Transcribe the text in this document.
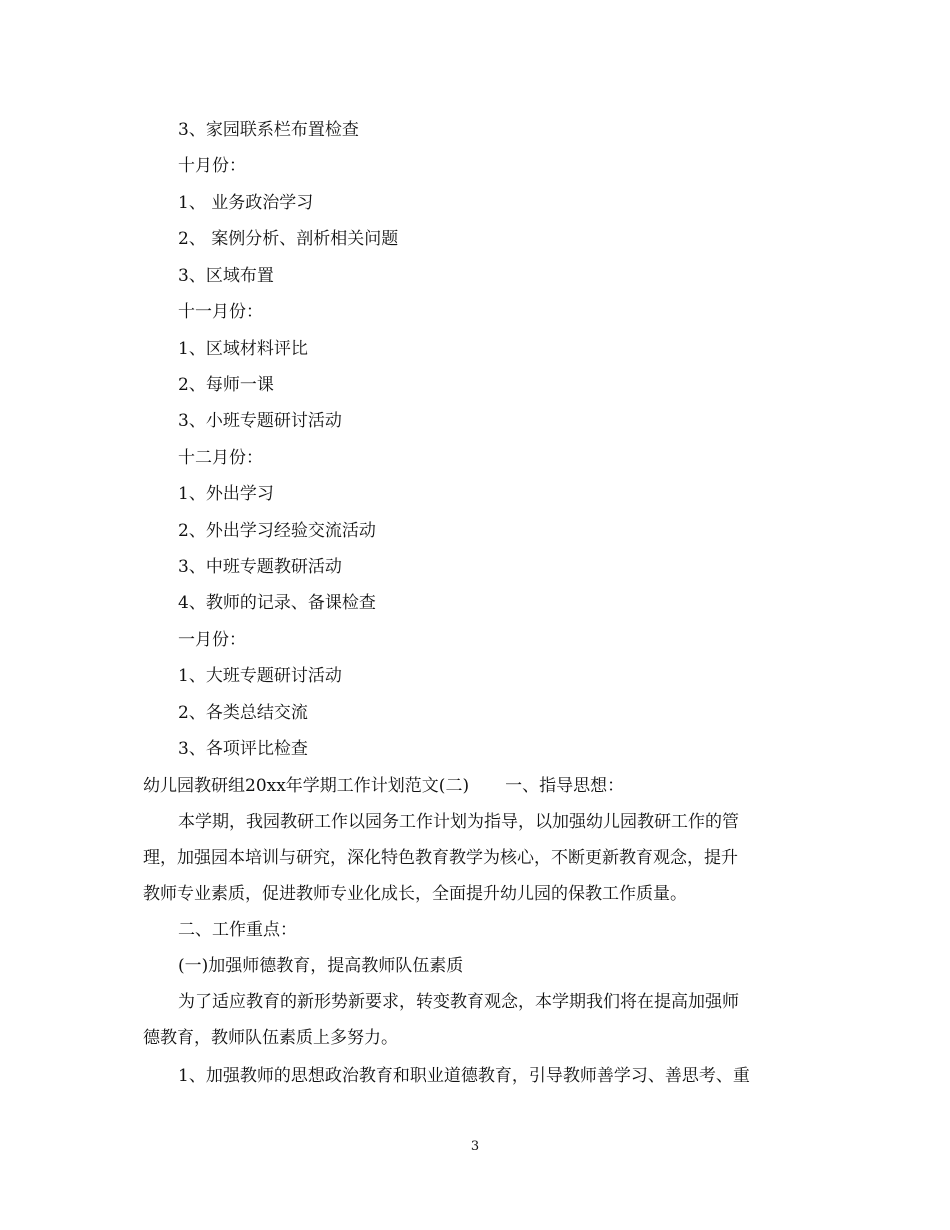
3、家园联系栏布置检查
十月份：
1、 业务政治学习
2、 案例分析、剖析相关问题
3、区域布置
十一月份：
1、区域材料评比
2、每师一课
3、小班专题研讨活动
十二月份：
1、外出学习
2、外出学习经验交流活动
3、中班专题教研活动
4、教师的记录、备课检查
一月份：
1、大班专题研讨活动
2、各类总结交流
3、各项评比检查
幼儿园教研组20xx年学期工作计划范文(二) 一、指导思想：
本学期，我园教研工作以园务工作计划为指导，以加强幼儿园教研工作的管
理，加强园本培训与研究，深化特色教育教学为核心，不断更新教育观念，提升
教师专业素质，促进教师专业化成长，全面提升幼儿园的保教工作质量。
二、工作重点：
(一)加强师德教育，提高教师队伍素质
为了适应教育的新形势新要求，转变教育观念，本学期我们将在提高加强师
德教育，教师队伍素质上多努力。
1、加强教师的思想政治教育和职业道德教育，引导教师善学习、善思考、重
3
